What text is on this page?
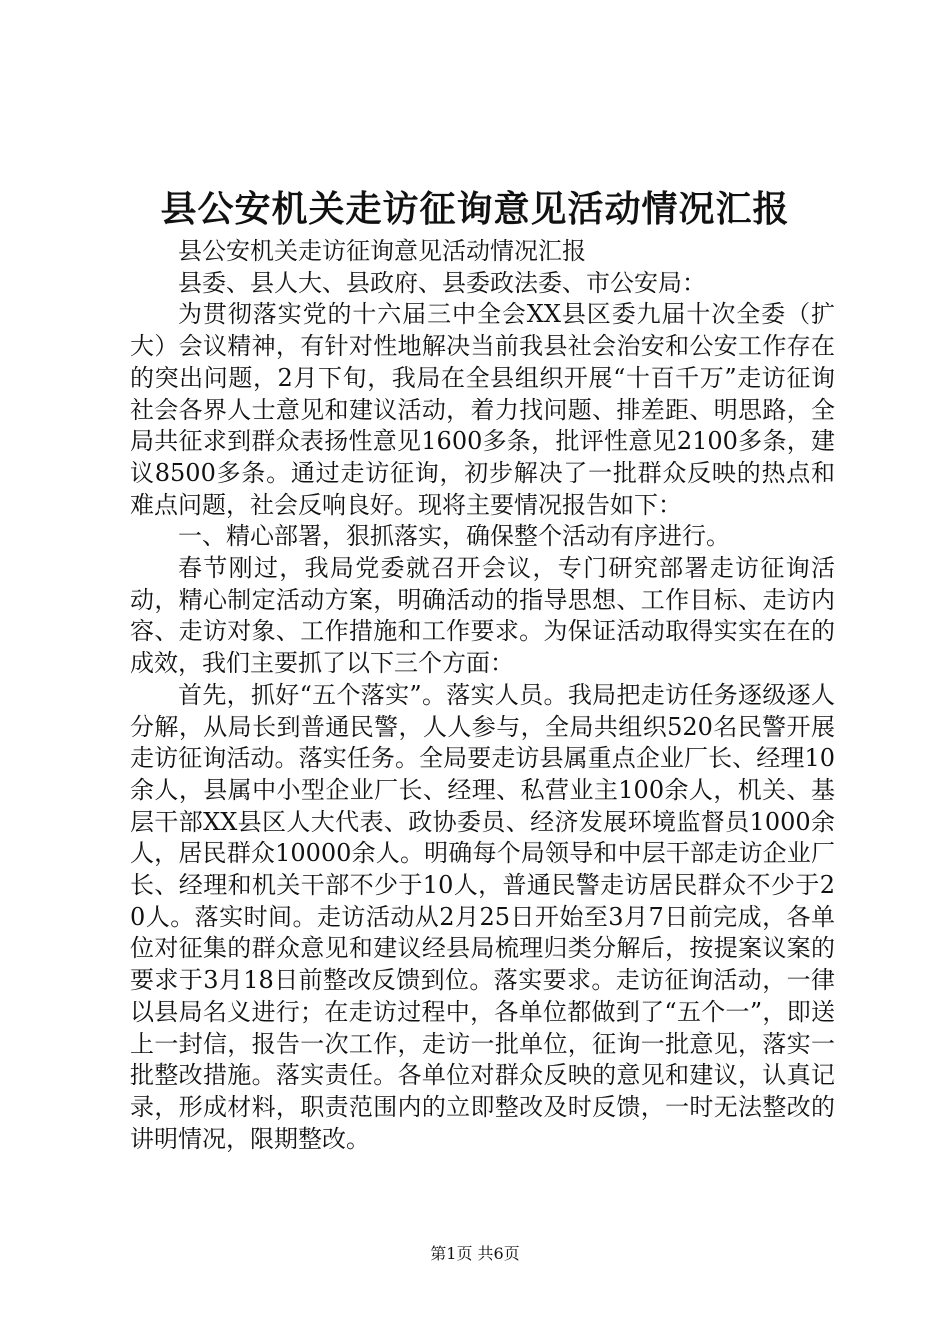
县公安机关走访征询意见活动情况汇报

县公安机关走访征询意见活动情况汇报

县委、县人大、县政府、县委政法委、市公安局：

为贯彻落实党的十六届三中全会XX县区委九届十次全委（扩大）会议精神，有针对性地解决当前我县社会治安和公安工作存在的突出问题，2月下旬，我局在全县组织开展“十百千万”走访征询社会各界人士意见和建议活动，着力找问题、排差距、明思路，全局共征求到群众表扬性意见1600多条，批评性意见2100多条，建议8500多条。通过走访征询，初步解决了一批群众反映的热点和难点问题，社会反响良好。现将主要情况报告如下：

一、精心部署，狠抓落实，确保整个活动有序进行。

春节刚过，我局党委就召开会议，专门研究部署走访征询活动，精心制定活动方案，明确活动的指导思想、工作目标、走访内容、走访对象、工作措施和工作要求。为保证活动取得实实在在的成效，我们主要抓了以下三个方面：

首先，抓好“五个落实”。落实人员。我局把走访任务逐级逐人分解，从局长到普通民警，人人参与，全局共组织520名民警开展走访征询活动。落实任务。全局要走访县属重点企业厂长、经理10余人，县属中小型企业厂长、经理、私营业主100余人，机关、基层干部XX县区人大代表、政协委员、经济发展环境监督员1000余人，居民群众10000余人。明确每个局领导和中层干部走访企业厂长、经理和机关干部不少于10人，普通民警走访居民群众不少于20人。落实时间。走访活动从2月25日开始至3月7日前完成，各单位对征集的群众意见和建议经县局梳理归类分解后，按提案议案的要求于3月18日前整改反馈到位。落实要求。走访征询活动，一律以县局名义进行；在走访过程中，各单位都做到了“五个一”，即送上一封信，报告一次工作，走访一批单位，征询一批意见，落实一批整改措施。落实责任。各单位对群众反映的意见和建议，认真记录，形成材料，职责范围内的立即整改及时反馈，一时无法整改的讲明情况，限期整改。

第1页 共6页
